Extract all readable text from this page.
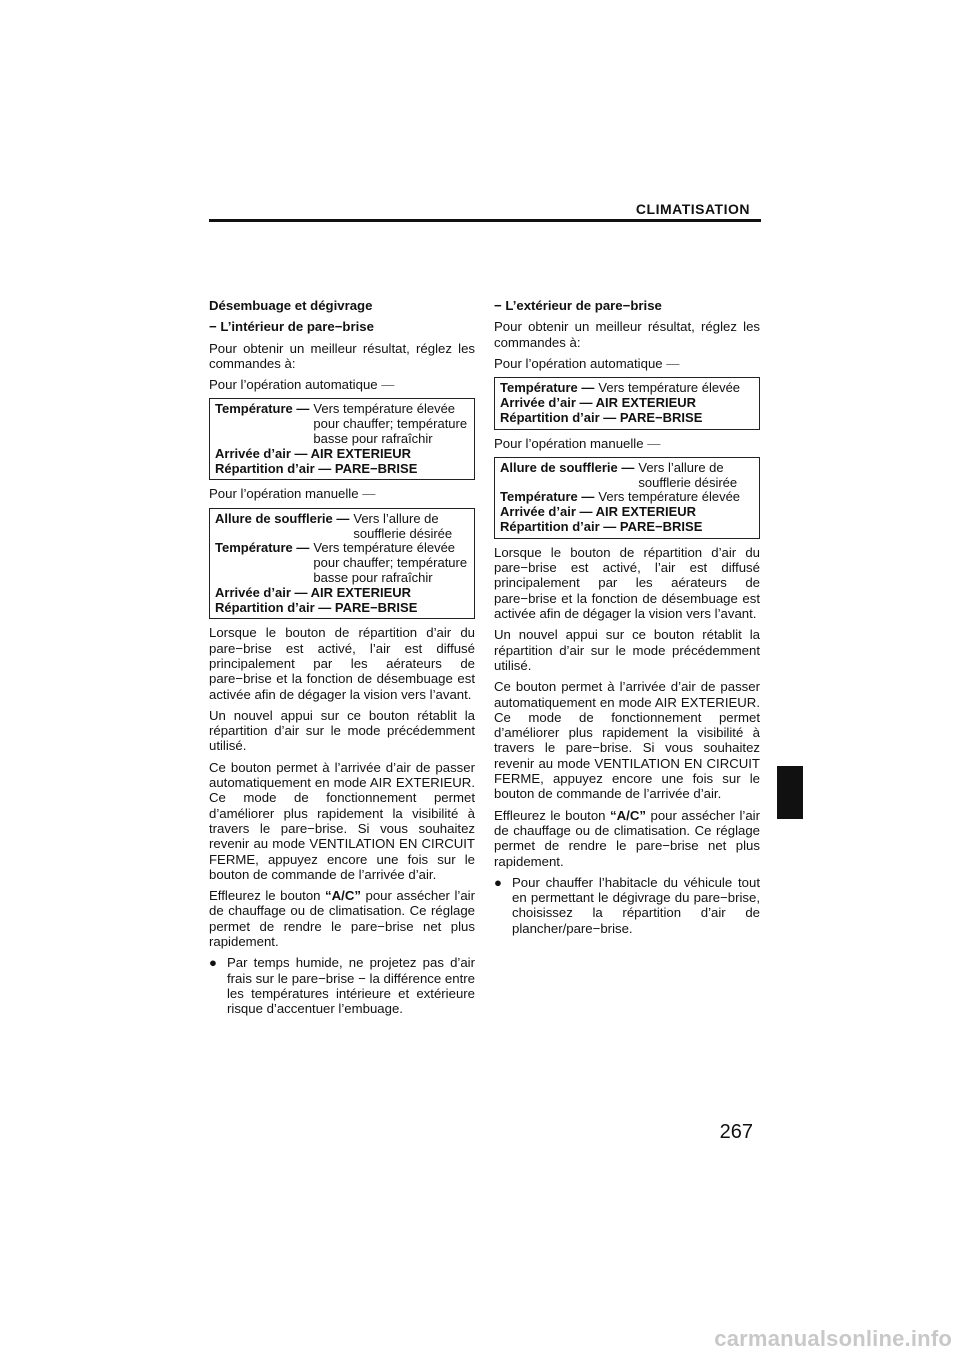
CLIMATISATION
Désembuage et dégivrage
− L’intérieur de pare−brise

Pour obtenir un meilleur résultat, réglez les commandes à:

Pour l’opération automatique —

Température — Vers température élevée pour chauffer; température basse pour rafraîchir
Arrivée d’air — AIR EXTERIEUR
Répartition d’air — PARE−BRISE

Pour l’opération manuelle —

Allure de soufflerie — Vers l’allure de soufflerie désirée
Température — Vers température élevée pour chauffer; température basse pour rafraîchir
Arrivée d’air — AIR EXTERIEUR
Répartition d’air — PARE−BRISE

Lorsque le bouton de répartition d’air du pare−brise est activé, l’air est diffusé principalement par les aérateurs de pare−brise et la fonction de désembuage est activée afin de dégager la vision vers l’avant.

Un nouvel appui sur ce bouton rétablit la répartition d’air sur le mode précédemment utilisé.

Ce bouton permet à l’arrivée d’air de passer automatiquement en mode AIR EXTERIEUR. Ce mode de fonctionnement permet d’améliorer plus rapidement la visibilité à travers le pare−brise. Si vous souhaitez revenir au mode VENTILATION EN CIRCUIT FERME, appuyez encore une fois sur le bouton de commande de l’arrivée d’air.

Effleurez le bouton “A/C” pour assécher l’air de chauffage ou de climatisation. Ce réglage permet de rendre le pare−brise net plus rapidement.

● Par temps humide, ne projetez pas d’air frais sur le pare−brise − la différence entre les températures intérieure et extérieure risque d’accentuer l’embuage.
− L’extérieur de pare−brise

Pour obtenir un meilleur résultat, réglez les commandes à:

Pour l’opération automatique —

Température — Vers température élevée
Arrivée d’air — AIR EXTERIEUR
Répartition d’air — PARE−BRISE

Pour l’opération manuelle —

Allure de soufflerie — Vers l’allure de soufflerie désirée
Température — Vers température élevée
Arrivée d’air — AIR EXTERIEUR
Répartition d’air — PARE−BRISE

Lorsque le bouton de répartition d’air du pare−brise est activé, l’air est diffusé principalement par les aérateurs de pare−brise et la fonction de désembuage est activée afin de dégager la vision vers l’avant.

Un nouvel appui sur ce bouton rétablit la répartition d’air sur le mode précédemment utilisé.

Ce bouton permet à l’arrivée d’air de passer automatiquement en mode AIR EXTERIEUR. Ce mode de fonctionnement permet d’améliorer plus rapidement la visibilité à travers le pare−brise. Si vous souhaitez revenir au mode VENTILATION EN CIRCUIT FERME, appuyez encore une fois sur le bouton de commande de l’arrivée d’air.

Effleurez le bouton “A/C” pour assécher l’air de chauffage ou de climatisation. Ce réglage permet de rendre le pare−brise net plus rapidement.

● Pour chauffer l’habitacle du véhicule tout en permettant le dégivrage du pare−brise, choisissez la répartition d’air de plancher/pare−brise.
267
carmanualsonline.info
